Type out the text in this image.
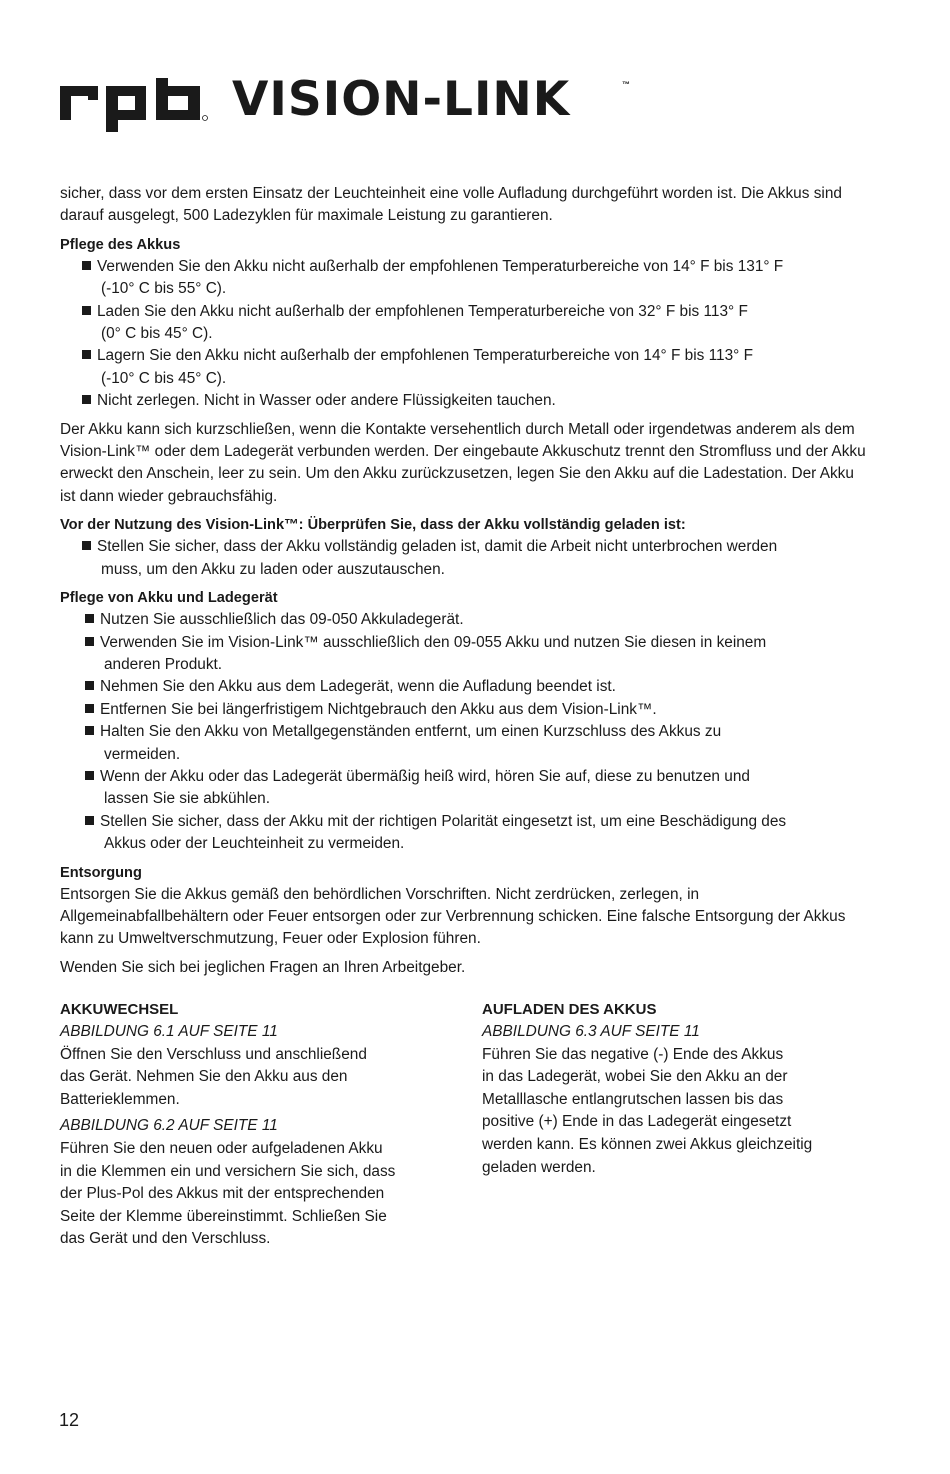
VISION-LINK	™

sicher, dass vor dem ersten Einsatz der Leuchteinheit eine volle Aufladung durchgeführt worden ist. Die Akkus sind darauf ausgelegt, 500 Ladezyklen für maximale Leistung zu garantieren.

Pflege des Akkus

Verwenden Sie den Akku nicht außerhalb der empfohlenen Temperaturbereiche von 14° F bis 131° F
(-10° C bis 55° C).
Laden Sie den Akku nicht außerhalb der empfohlenen Temperaturbereiche von 32° F bis 113° F
(0° C bis 45° C).
Lagern Sie den Akku nicht außerhalb der empfohlenen Temperaturbereiche von 14° F bis 113° F
(-10° C bis 45° C).
Nicht zerlegen. Nicht in Wasser oder andere Flüssigkeiten tauchen.

Der Akku kann sich kurzschließen, wenn die Kontakte versehentlich durch Metall oder irgendetwas anderem als dem Vision-Link™ oder dem Ladegerät verbunden werden. Der eingebaute Akkuschutz trennt den Stromfluss und der Akku erweckt den Anschein, leer zu sein. Um den Akku zurückzusetzen, legen Sie den Akku auf die Ladestation. Der Akku ist dann wieder gebrauchsfähig.

Vor der Nutzung des Vision-Link™: Überprüfen Sie, dass der Akku vollständig geladen ist:

Stellen Sie sicher, dass der Akku vollständig geladen ist, damit die Arbeit nicht unterbrochen werden
muss, um den Akku zu laden oder auszutauschen.

Pflege von Akku und Ladegerät

Nutzen Sie ausschließlich das 09-050 Akkuladegerät.
Verwenden Sie im Vision-Link™ ausschließlich den 09-055 Akku und nutzen Sie diesen in keinem
anderen Produkt.
Nehmen Sie den Akku aus dem Ladegerät, wenn die Aufladung beendet ist.
Entfernen Sie bei längerfristigem Nichtgebrauch den Akku aus dem Vision-Link™.
Halten Sie den Akku von Metallgegenständen entfernt, um einen Kurzschluss des Akkus zu
vermeiden.
Wenn der Akku oder das Ladegerät übermäßig heiß wird, hören Sie auf, diese zu benutzen und
lassen Sie sie abkühlen.
Stellen Sie sicher, dass der Akku mit der richtigen Polarität eingesetzt ist, um eine Beschädigung des
Akkus oder der Leuchteinheit zu vermeiden.

Entsorgung

Entsorgen Sie die Akkus gemäß den behördlichen Vorschriften. Nicht zerdrücken, zerlegen, in Allgemeinabfallbehältern oder Feuer entsorgen oder zur Verbrennung schicken. Eine falsche Entsorgung der Akkus kann zu Umweltverschmutzung, Feuer oder Explosion führen.

Wenden Sie sich bei jeglichen Fragen an Ihren Arbeitgeber.

AKKUWECHSEL
ABBILDUNG 6.1 AUF SEITE 11
Öffnen Sie den Verschluss und anschließend
das Gerät. Nehmen Sie den Akku aus den
Batterieklemmen.
ABBILDUNG 6.2 AUF SEITE 11
Führen Sie den neuen oder aufgeladenen Akku
in die Klemmen ein und versichern Sie sich, dass
der Plus-Pol des Akkus mit der entsprechenden
Seite der Klemme übereinstimmt. Schließen Sie
das Gerät und den Verschluss.
AUFLADEN DES AKKUS
ABBILDUNG 6.3 AUF SEITE 11
Führen Sie das negative (-) Ende des Akkus
in das Ladegerät, wobei Sie den Akku an der
Metalllasche entlangrutschen lassen bis das
positive (+) Ende in das Ladegerät eingesetzt
werden kann. Es können zwei Akkus gleichzeitig
geladen werden.
12
